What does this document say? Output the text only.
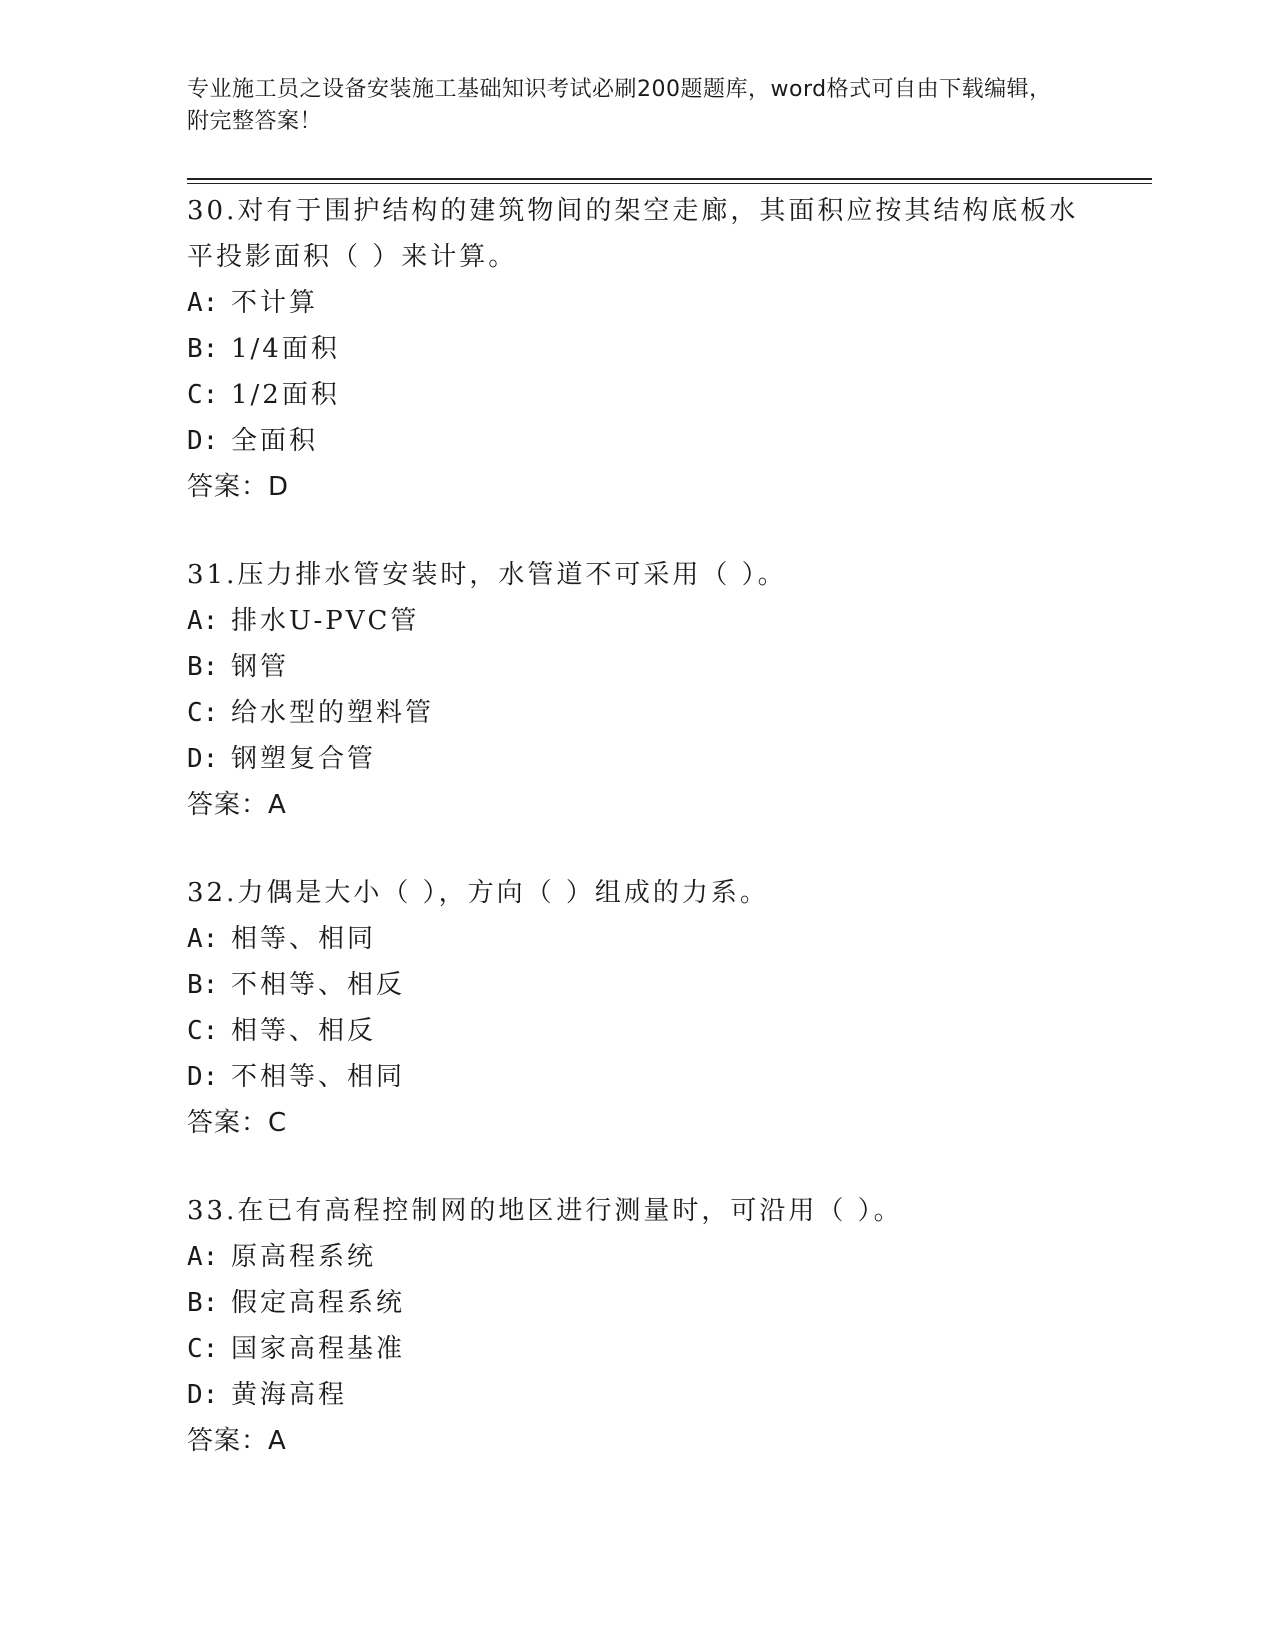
专业施工员之设备安装施工基础知识考试必刷200题题库，word格式可自由下载编辑，附完整答案！

30.对有于围护结构的建筑物间的架空走廊，其面积应按其结构底板水平投影面积（ ）来计算。

A: 不计算

B: 1/4面积

C: 1/2面积

D: 全面积

答案：D

31.压力排水管安装时，水管道不可采用（ ）。

A: 排水U-PVC管

B: 钢管

C: 给水型的塑料管

D: 钢塑复合管

答案：A

32.力偶是大小（ ），方向（ ）组成的力系。

A: 相等、相同

B: 不相等、相反

C: 相等、相反

D: 不相等、相同

答案：C

33.在已有高程控制网的地区进行测量时，可沿用（ ）。

A: 原高程系统

B: 假定高程系统

C: 国家高程基准

D: 黄海高程

答案：A
